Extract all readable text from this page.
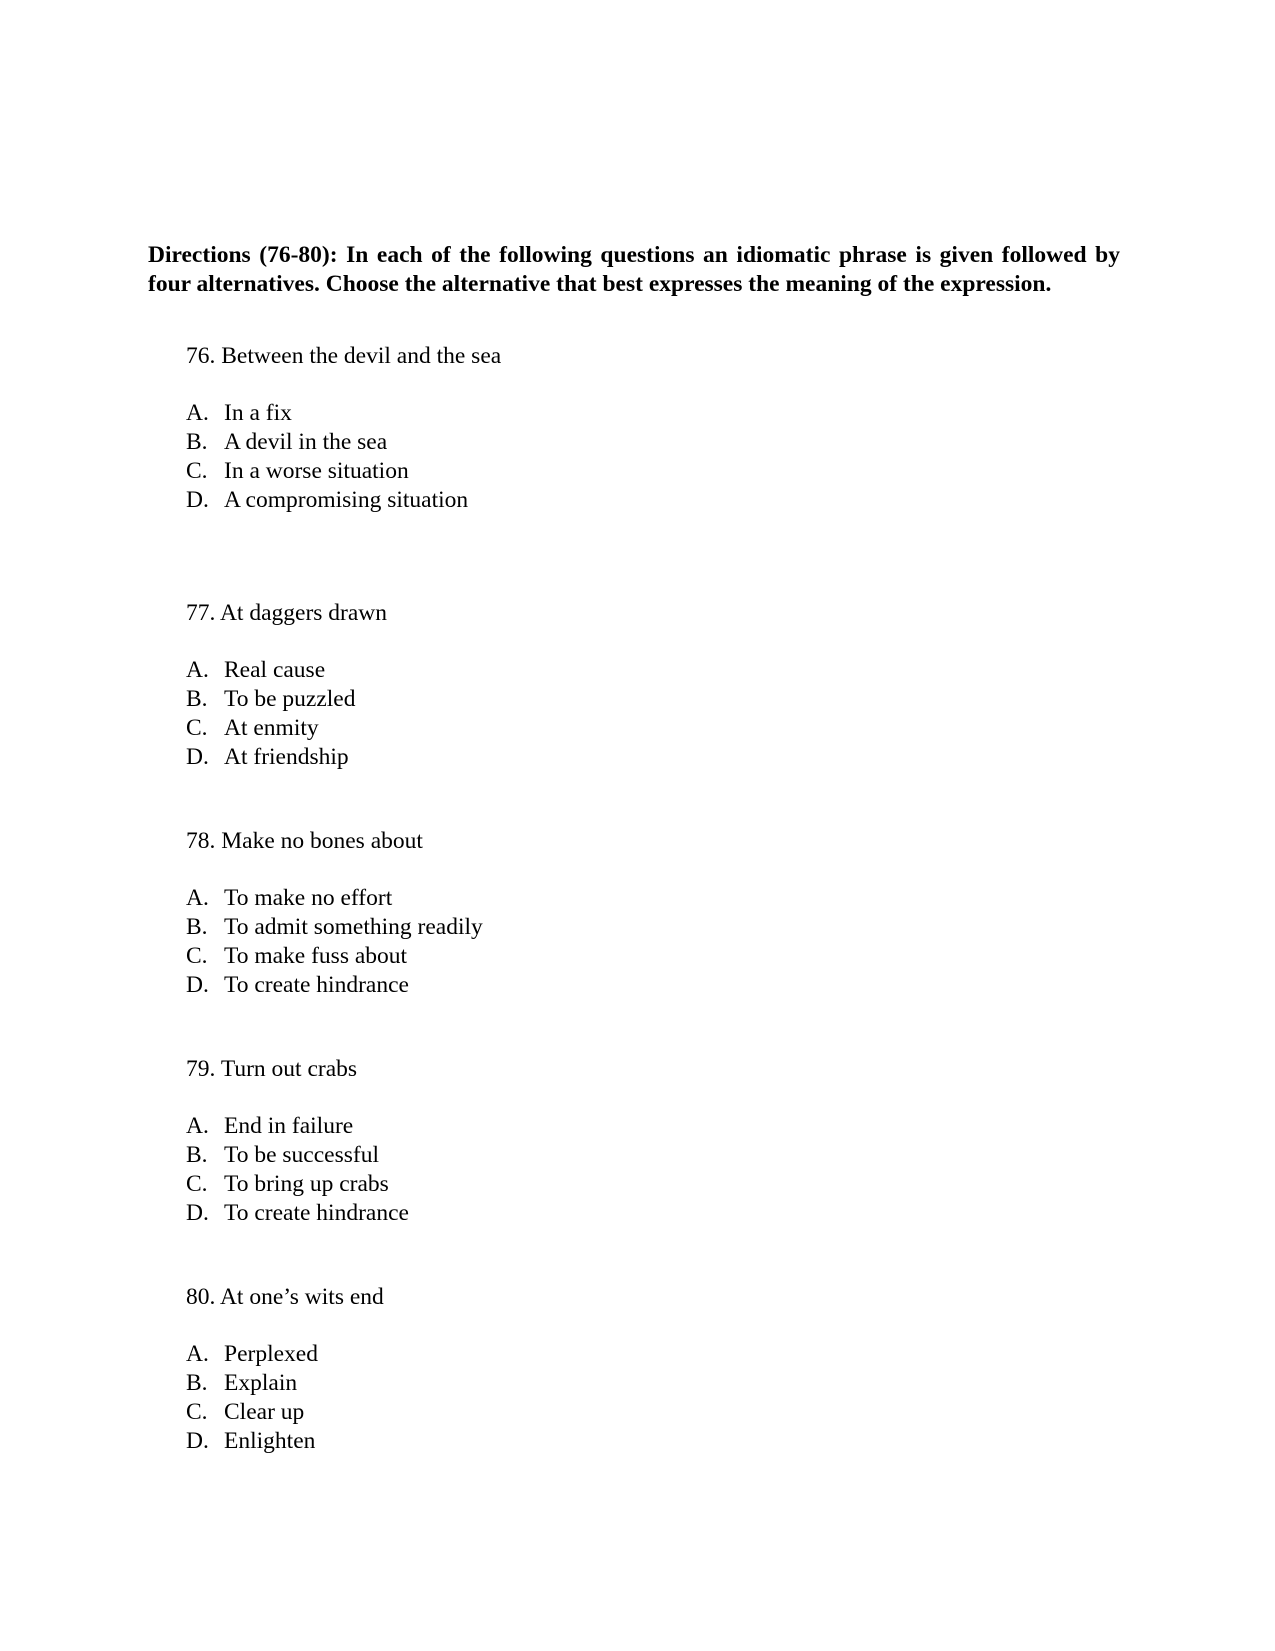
Directions (76-80): In each of the following questions an idiomatic phrase is given followed by four alternatives. Choose the alternative that best expresses the meaning of the expression.

76. Between the devil and the sea
A. In a fix
B. A devil in the sea
C. In a worse situation
D. A compromising situation
77. At daggers drawn
A. Real cause
B. To be puzzled
C. At enmity
D. At friendship
78. Make no bones about
A. To make no effort
B. To admit something readily
C. To make fuss about
D. To create hindrance
79. Turn out crabs
A. End in failure
B. To be successful
C. To bring up crabs
D. To create hindrance
80. At one’s wits end
A. Perplexed
B. Explain
C. Clear up
D. Enlighten
